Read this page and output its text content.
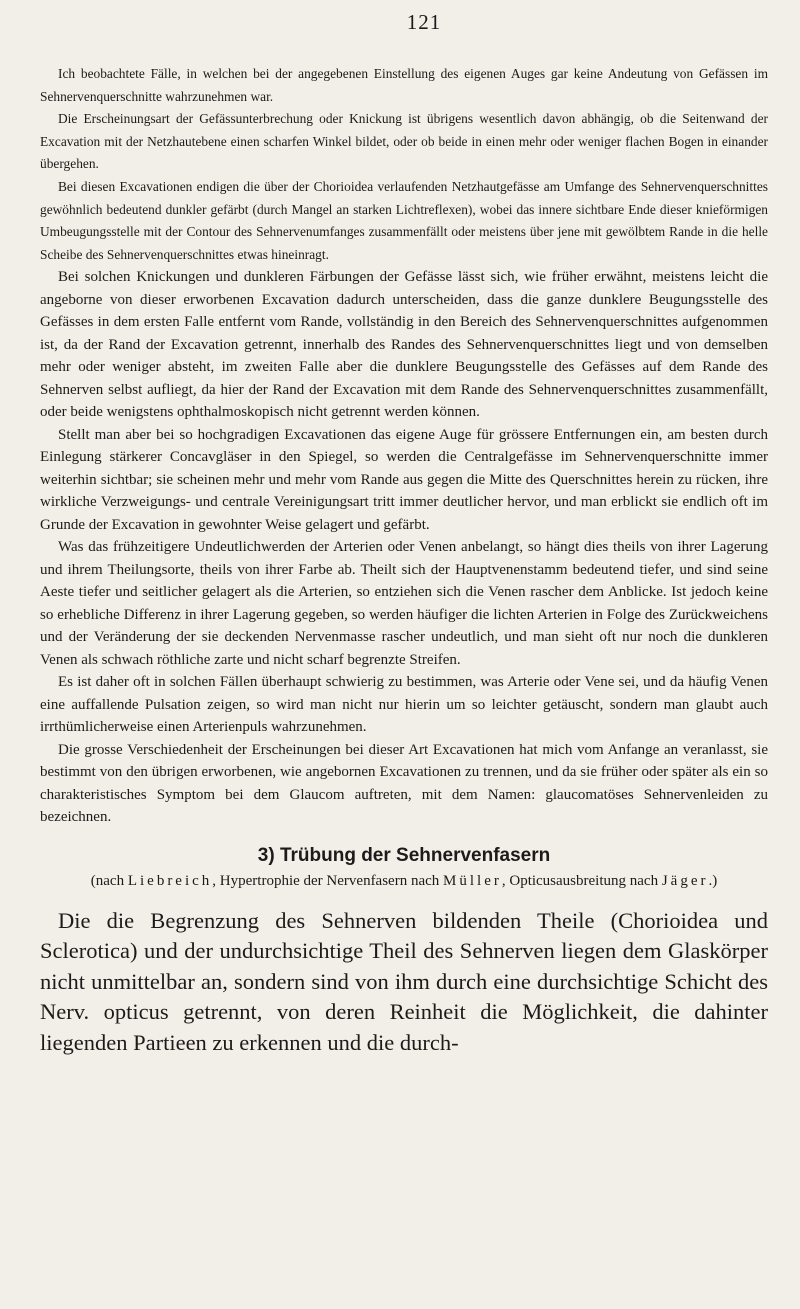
121

Ich beobachtete Fälle, in welchen bei der angegebenen Einstellung des eigenen Auges gar keine Andeutung von Gefässen im Sehnervenquerschnitte wahrzunehmen war.

Die Erscheinungsart der Gefässunterbrechung oder Knickung ist übrigens wesentlich davon abhängig, ob die Seitenwand der Excavation mit der Netzhautebene einen scharfen Winkel bildet, oder ob beide in einen mehr oder weniger flachen Bogen in einander übergehen.

Bei diesen Excavationen endigen die über der Chorioidea verlaufenden Netzhautgefässe am Umfange des Sehnervenquerschnittes gewöhnlich bedeutend dunkler gefärbt (durch Mangel an starken Lichtreflexen), wobei das innere sichtbare Ende dieser knieförmigen Umbeugungsstelle mit der Contour des Sehnervenumfanges zusammenfällt oder meistens über jene mit gewölbtem Rande in die helle Scheibe des Sehnervenquerschnittes etwas hineinragt.

Bei solchen Knickungen und dunkleren Färbungen der Gefässe lässt sich, wie früher erwähnt, meistens leicht die angeborne von dieser erworbenen Excavation dadurch unterscheiden, dass die ganze dunklere Beugungsstelle des Gefässes in dem ersten Falle entfernt vom Rande, vollständig in den Bereich des Sehnervenquerschnittes aufgenommen ist, da der Rand der Excavation getrennt, innerhalb des Randes des Sehnervenquerschnittes liegt und von demselben mehr oder weniger absteht, im zweiten Falle aber die dunklere Beugungsstelle des Gefässes auf dem Rande des Sehnerven selbst aufliegt, da hier der Rand der Excavation mit dem Rande des Sehnervenquerschnittes zusammenfällt, oder beide wenigstens ophthalmoskopisch nicht getrennt werden können.

Stellt man aber bei so hochgradigen Excavationen das eigene Auge für grössere Entfernungen ein, am besten durch Einlegung stärkerer Concavgläser in den Spiegel, so werden die Centralgefässe im Sehnervenquerschnitte immer weiterhin sichtbar; sie scheinen mehr und mehr vom Rande aus gegen die Mitte des Querschnittes herein zu rücken, ihre wirkliche Verzweigungs- und centrale Vereinigungsart tritt immer deutlicher hervor, und man erblickt sie endlich oft im Grunde der Excavation in gewohnter Weise gelagert und gefärbt.

Was das frühzeitigere Undeutlichwerden der Arterien oder Venen anbelangt, so hängt dies theils von ihrer Lagerung und ihrem Theilungsorte, theils von ihrer Farbe ab. Theilt sich der Hauptvenenstamm bedeutend tiefer, und sind seine Aeste tiefer und seitlicher gelagert als die Arterien, so entziehen sich die Venen rascher dem Anblicke. Ist jedoch keine so erhebliche Differenz in ihrer Lagerung gegeben, so werden häufiger die lichten Arterien in Folge des Zurückweichens und der Veränderung der sie deckenden Nervenmasse rascher undeutlich, und man sieht oft nur noch die dunkleren Venen als schwach röthliche zarte und nicht scharf begrenzte Streifen.

Es ist daher oft in solchen Fällen überhaupt schwierig zu bestimmen, was Arterie oder Vene sei, und da häufig Venen eine auffallende Pulsation zeigen, so wird man nicht nur hierin um so leichter getäuscht, sondern man glaubt auch irrthümlicherweise einen Arterienpuls wahrzunehmen.

Die grosse Verschiedenheit der Erscheinungen bei dieser Art Excavationen hat mich vom Anfange an veranlasst, sie bestimmt von den übrigen erworbenen, wie angebornen Excavationen zu trennen, und da sie früher oder später als ein so charakteristisches Symptom bei dem Glaucom auftreten, mit dem Namen: glaucomatöses Sehnervenleiden zu bezeichnen.

3) Trübung der Sehnervenfasern
(nach Liebreich, Hypertrophie der Nervenfasern nach Müller, Opticusausbreitung nach Jäger.)

Die die Begrenzung des Sehnerven bildenden Theile (Chorioidea und Sclerotica) und der undurchsichtige Theil des Sehnerven liegen dem Glaskörper nicht unmittelbar an, sondern sind von ihm durch eine durchsichtige Schicht des Nerv. opticus getrennt, von deren Reinheit die Möglichkeit, die dahinter liegenden Partieen zu erkennen und die durch-
